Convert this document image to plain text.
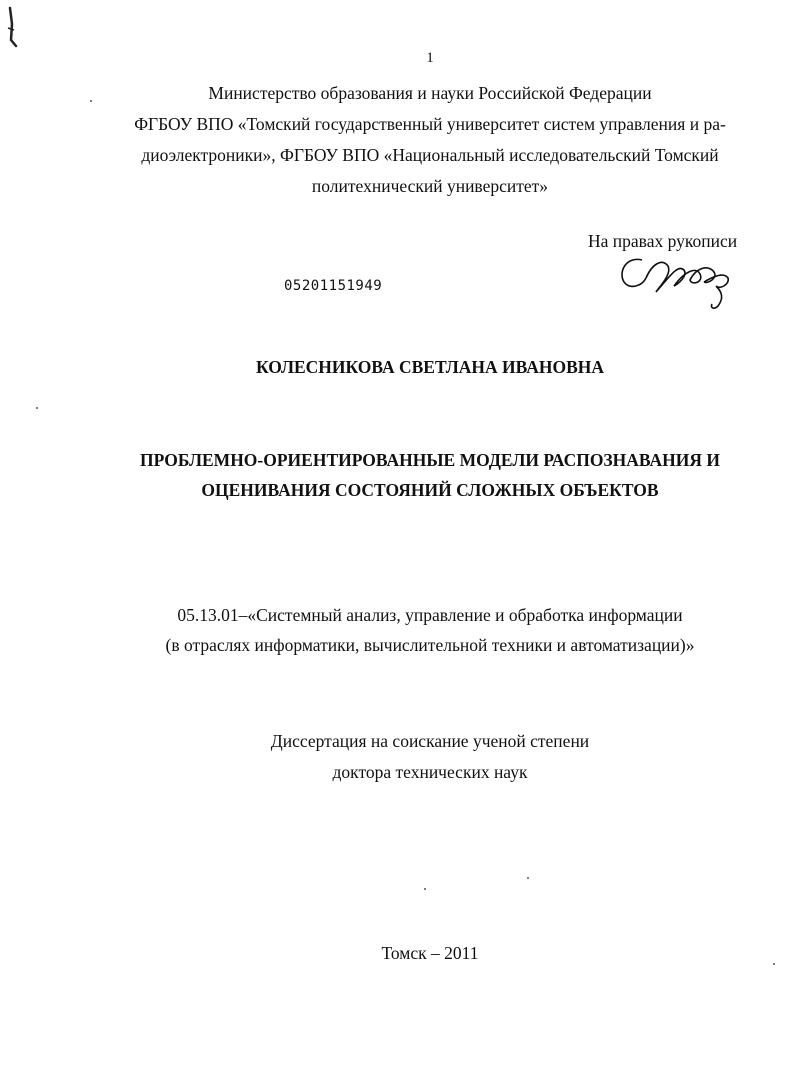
1
Министерство образования и науки Российской Федерации
ФГБОУ ВПО «Томский государственный университет систем управления и ра-
диоэлектроники», ФГБОУ ВПО «Национальный исследовательский Томский
политехнический университет»
На правах рукописи
05201151949
КОЛЕСНИКОВА СВЕТЛАНА ИВАНОВНА
ПРОБЛЕМНО-ОРИЕНТИРОВАННЫЕ МОДЕЛИ РАСПОЗНАВАНИЯ И
ОЦЕНИВАНИЯ СОСТОЯНИЙ СЛОЖНЫХ ОБЪЕКТОВ
05.13.01–«Системный анализ, управление и обработка информации
(в отраслях информатики, вычислительной техники и автоматизации)»
Диссертация на соискание ученой степени
доктора технических наук
Томск – 2011
